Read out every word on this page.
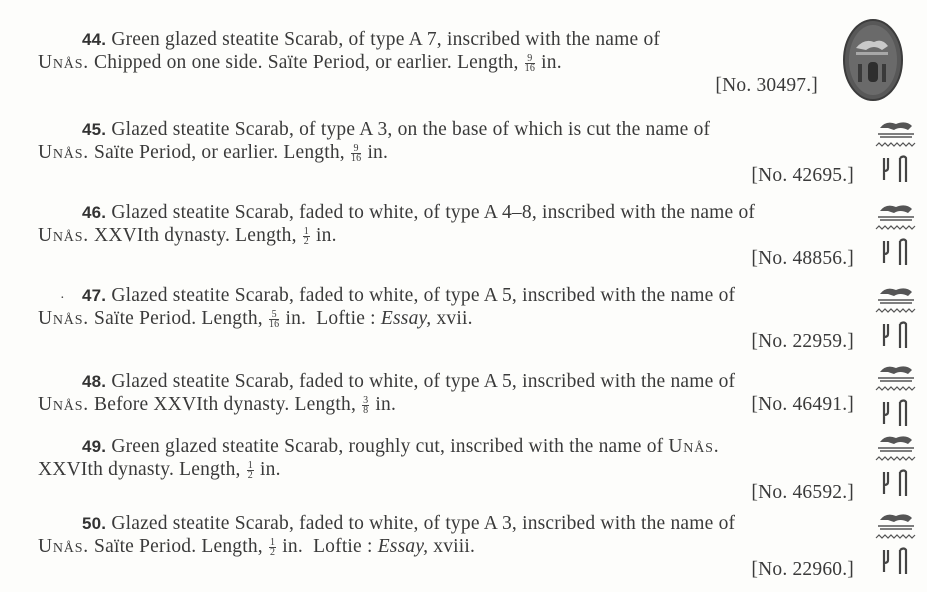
·
44. Green glazed steatite Scarab, of type A 7, inscribed with the name of
Unås. Chipped on one side. Saïte Period, or earlier. Length, $\frac{9}{16}$ in.
[No. 30497.]
45. Glazed steatite Scarab, of type A 3, on the base of which is cut the name of
Unås. Saïte Period, or earlier. Length, $\frac{9}{16}$ in.
[No. 42695.]
46. Glazed steatite Scarab, faded to white, of type A 4–8, inscribed with the name of
Unås. XXVIth dynasty. Length, $\frac{1}{2}$ in.
[No. 48856.]
47. Glazed steatite Scarab, faded to white, of type A 5, inscribed with the name of
Unås. Saïte Period. Length, $\frac{5}{16}$ in. Loftie : Essay, xvii.
[No. 22959.]
48. Glazed steatite Scarab, faded to white, of type A 5, inscribed with the name of
Unås. Before XXVIth dynasty. Length, $\frac{3}{8}$ in.	[No. 46491.]
49. Green glazed steatite Scarab, roughly cut, inscribed with the name of Unås.
XXVIth dynasty. Length, $\frac{1}{2}$ in.
[No. 46592.]
50. Glazed steatite Scarab, faded to white, of type A 3, inscribed with the name of
Unås. Saïte Period. Length, $\frac{1}{2}$ in. Loftie : Essay, xviii.
[No. 22960.]
